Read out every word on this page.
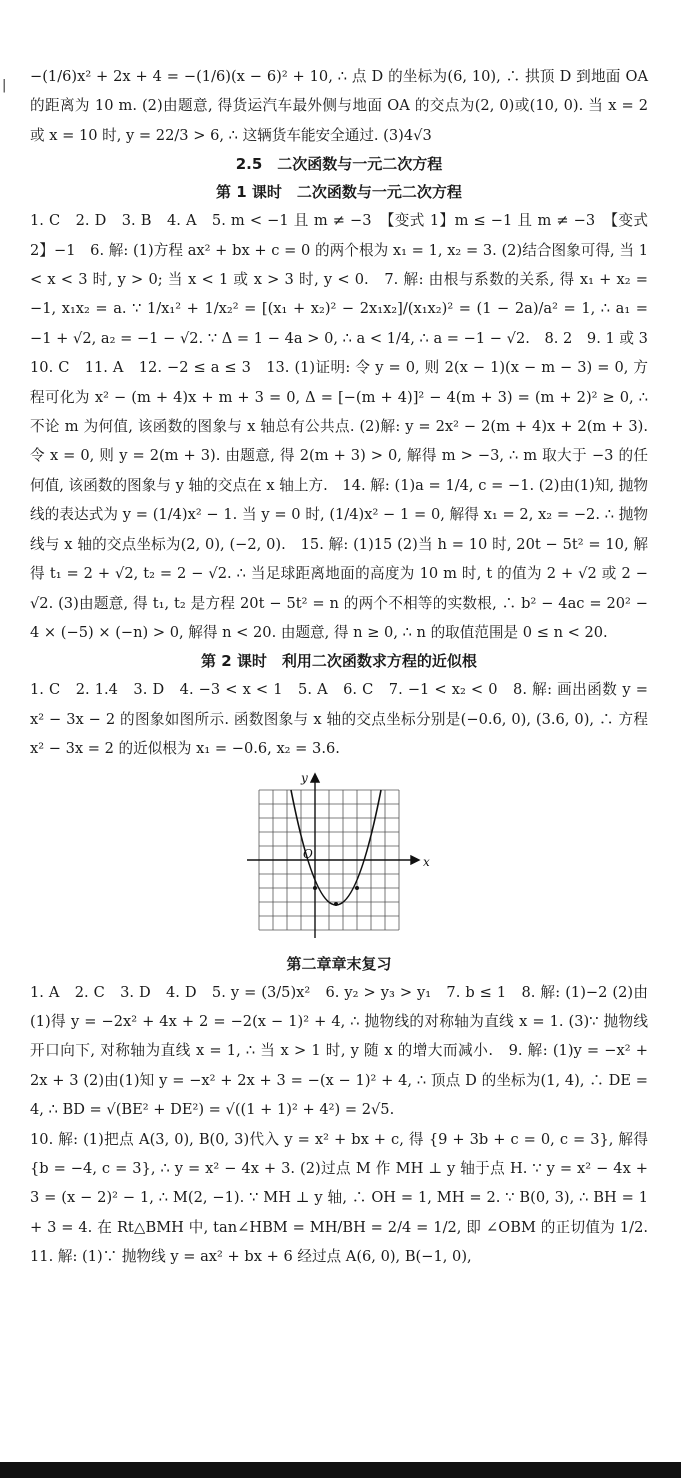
−(1/6)x² + 2x + 4 = −(1/6)(x − 6)² + 10, ∴ 点 D 的坐标为(6, 10), ∴ 拱顶 D 到地面 OA 的距离为 10 m. (2)由题意, 得货运汽车最外侧与地面 OA 的交点为(2, 0)或(10, 0). 当 x = 2 或 x = 10 时, y = 22/3 > 6, ∴ 这辆货车能安全通过. (3)4√3

2.5　二次函数与一元二次方程

第 1 课时　二次函数与一元二次方程

1. C　2. D　3. B　4. A　5. m < −1 且 m ≠ −3　【变式 1】m ≤ −1 且 m ≠ −3　【变式 2】−1　6. 解: (1)方程 ax² + bx + c = 0 的两个根为 x₁ = 1, x₂ = 3. (2)结合图象可得, 当 1 < x < 3 时, y > 0; 当 x < 1 或 x > 3 时, y < 0.　7. 解: 由根与系数的关系, 得 x₁ + x₂ = −1, x₁x₂ = a. ∵ 1/x₁² + 1/x₂² = [(x₁ + x₂)² − 2x₁x₂]/(x₁x₂)² = (1 − 2a)/a² = 1, ∴ a₁ = −1 + √2, a₂ = −1 − √2. ∵ Δ = 1 − 4a > 0, ∴ a < 1/4, ∴ a = −1 − √2.　8. 2　9. 1 或 3

10. C　11. A　12. −2 ≤ a ≤ 3　13. (1)证明: 令 y = 0, 则 2(x − 1)(x − m − 3) = 0, 方程可化为 x² − (m + 4)x + m + 3 = 0, Δ = [−(m + 4)]² − 4(m + 3) = (m + 2)² ≥ 0, ∴ 不论 m 为何值, 该函数的图象与 x 轴总有公共点. (2)解: y = 2x² − 2(m + 4)x + 2(m + 3). 令 x = 0, 则 y = 2(m + 3). 由题意, 得 2(m + 3) > 0, 解得 m > −3, ∴ m 取大于 −3 的任何值, 该函数的图象与 y 轴的交点在 x 轴上方.　14. 解: (1)a = 1/4, c = −1. (2)由(1)知, 抛物线的表达式为 y = (1/4)x² − 1. 当 y = 0 时, (1/4)x² − 1 = 0, 解得 x₁ = 2, x₂ = −2. ∴ 抛物线与 x 轴的交点坐标为(2, 0), (−2, 0).　15. 解: (1)15 (2)当 h = 10 时, 20t − 5t² = 10, 解得 t₁ = 2 + √2, t₂ = 2 − √2. ∴ 当足球距离地面的高度为 10 m 时, t 的值为 2 + √2 或 2 − √2. (3)由题意, 得 t₁, t₂ 是方程 20t − 5t² = n 的两个不相等的实数根, ∴ b² − 4ac = 20² − 4 × (−5) × (−n) > 0, 解得 n < 20. 由题意, 得 n ≥ 0, ∴ n 的取值范围是 0 ≤ n < 20.

第 2 课时　利用二次函数求方程的近似根

1. C　2. 1.4　3. D　4. −3 < x < 1　5. A　6. C　7. −1 < x₂ < 0　8. 解: 画出函数 y = x² − 3x − 2 的图象如图所示. 函数图象与 x 轴的交点坐标分别是(−0.6, 0), (3.6, 0), ∴ 方程 x² − 3x = 2 的近似根为 x₁ = −0.6, x₂ = 3.6.

x
y
O

第二章章末复习

1. A　2. C　3. D　4. D　5. y = (3/5)x²　6. y₂ > y₃ > y₁　7. b ≤ 1　8. 解: (1)−2 (2)由(1)得 y = −2x² + 4x + 2 = −2(x − 1)² + 4, ∴ 抛物线的对称轴为直线 x = 1. (3)∵ 抛物线开口向下, 对称轴为直线 x = 1, ∴ 当 x > 1 时, y 随 x 的增大而减小.　9. 解: (1)y = −x² + 2x + 3 (2)由(1)知 y = −x² + 2x + 3 = −(x − 1)² + 4, ∴ 顶点 D 的坐标为(1, 4), ∴ DE = 4, ∴ BD = √(BE² + DE²) = √((1 + 1)² + 4²) = 2√5.

10. 解: (1)把点 A(3, 0), B(0, 3)代入 y = x² + bx + c, 得 {9 + 3b + c = 0, c = 3}, 解得 {b = −4, c = 3}, ∴ y = x² − 4x + 3. (2)过点 M 作 MH ⊥ y 轴于点 H. ∵ y = x² − 4x + 3 = (x − 2)² − 1, ∴ M(2, −1). ∵ MH ⊥ y 轴, ∴ OH = 1, MH = 2. ∵ B(0, 3), ∴ BH = 1 + 3 = 4. 在 Rt△BMH 中, tan∠HBM = MH/BH = 2/4 = 1/2, 即 ∠OBM 的正切值为 1/2.　11. 解: (1)∵ 抛物线 y = ax² + bx + 6 经过点 A(6, 0), B(−1, 0),

|
